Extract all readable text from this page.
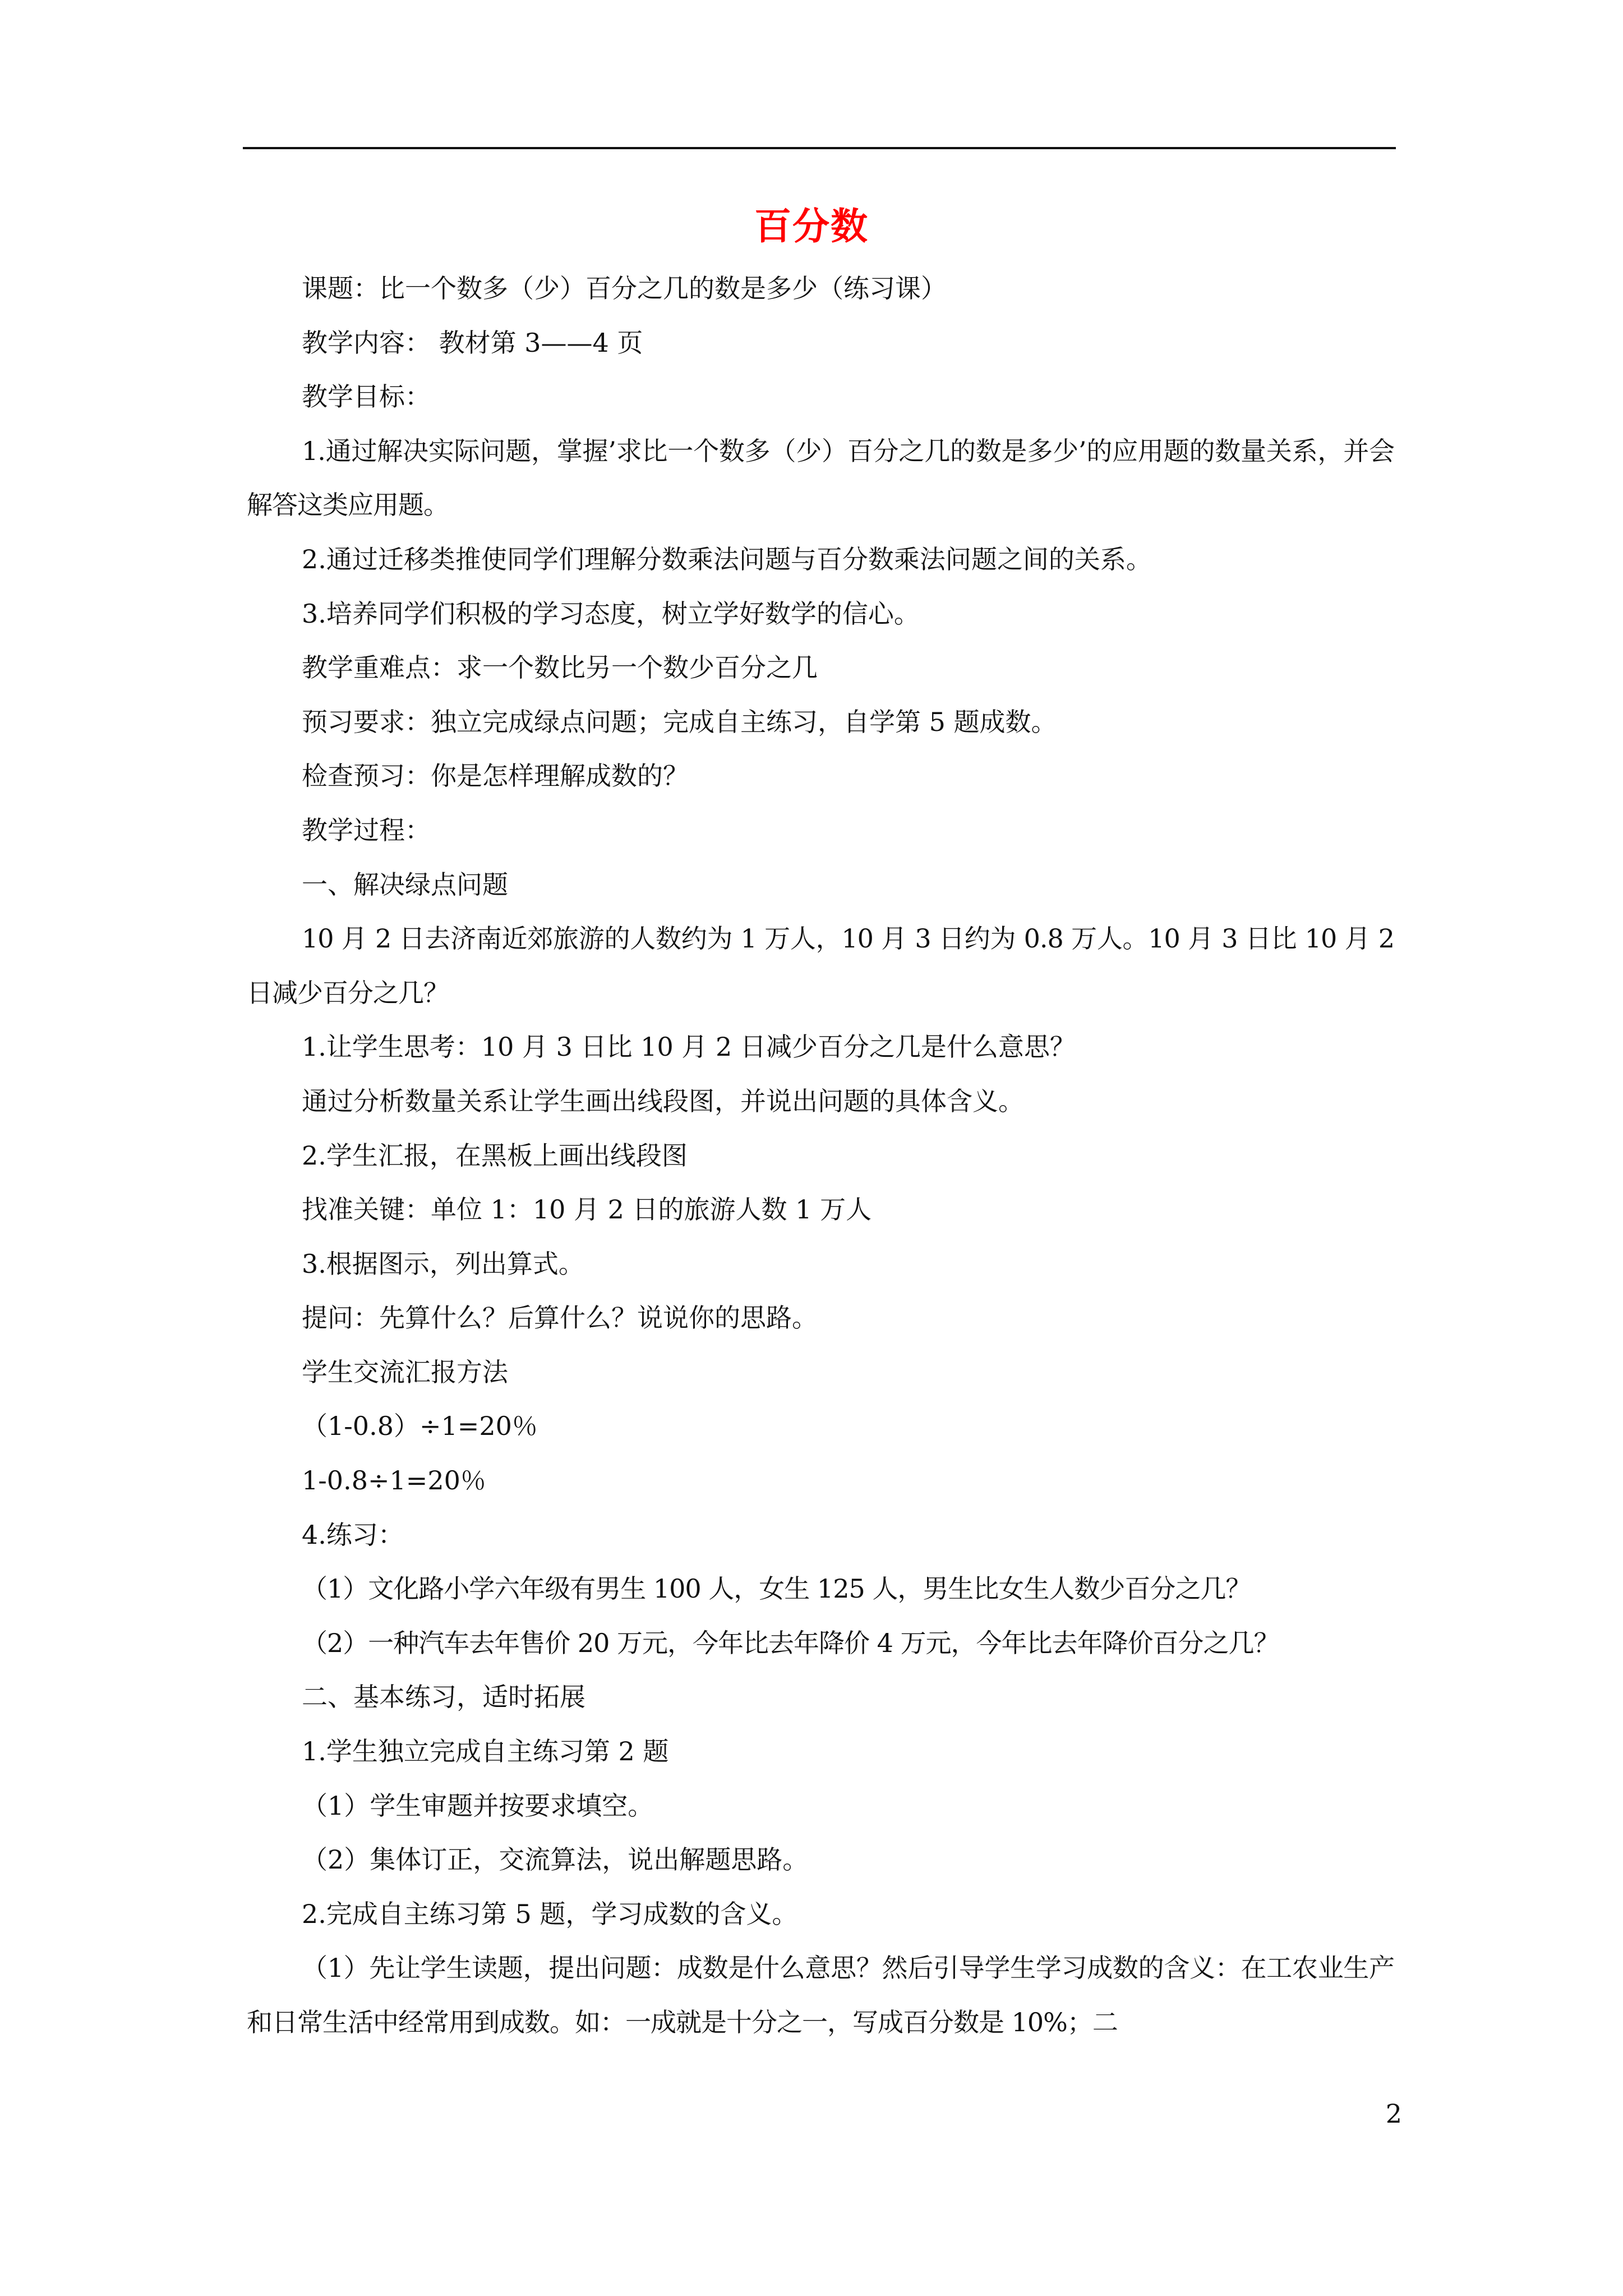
百分数

课题：比一个数多（少）百分之几的数是多少（练习课）

教学内容： 教材第 3——4 页

教学目标：

1.通过解决实际问题，掌握’求比一个数多（少）百分之几的数是多少’的应用题的数量关系，并会解答这类应用题。

2.通过迁移类推使同学们理解分数乘法问题与百分数乘法问题之间的关系。

3.培养同学们积极的学习态度，树立学好数学的信心。

教学重难点：求一个数比另一个数少百分之几

预习要求：独立完成绿点问题；完成自主练习，自学第 5 题成数。

检查预习：你是怎样理解成数的？

教学过程：

一、解决绿点问题

10 月 2 日去济南近郊旅游的人数约为 1 万人，10 月 3 日约为 0.8 万人。10 月 3 日比 10 月 2 日减少百分之几？

1.让学生思考：10 月 3 日比 10 月 2 日减少百分之几是什么意思？

通过分析数量关系让学生画出线段图，并说出问题的具体含义。

2.学生汇报，在黑板上画出线段图

找准关键：单位 1：10 月 2 日的旅游人数 1 万人

3.根据图示，列出算式。

提问：先算什么？后算什么？说说你的思路。

学生交流汇报方法

（1-0.8）÷1=20％

1-0.8÷1=20％

4.练习：

（1）文化路小学六年级有男生 100 人，女生 125 人，男生比女生人数少百分之几？

（2）一种汽车去年售价 20 万元，今年比去年降价 4 万元，今年比去年降价百分之几？

二、基本练习，适时拓展

1.学生独立完成自主练习第 2 题

（1）学生审题并按要求填空。

（2）集体订正，交流算法，说出解题思路。

2.完成自主练习第 5 题，学习成数的含义。

（1）先让学生读题，提出问题：成数是什么意思？然后引导学生学习成数的含义：在工农业生产和日常生活中经常用到成数。如：一成就是十分之一，写成百分数是 10%；二

2
